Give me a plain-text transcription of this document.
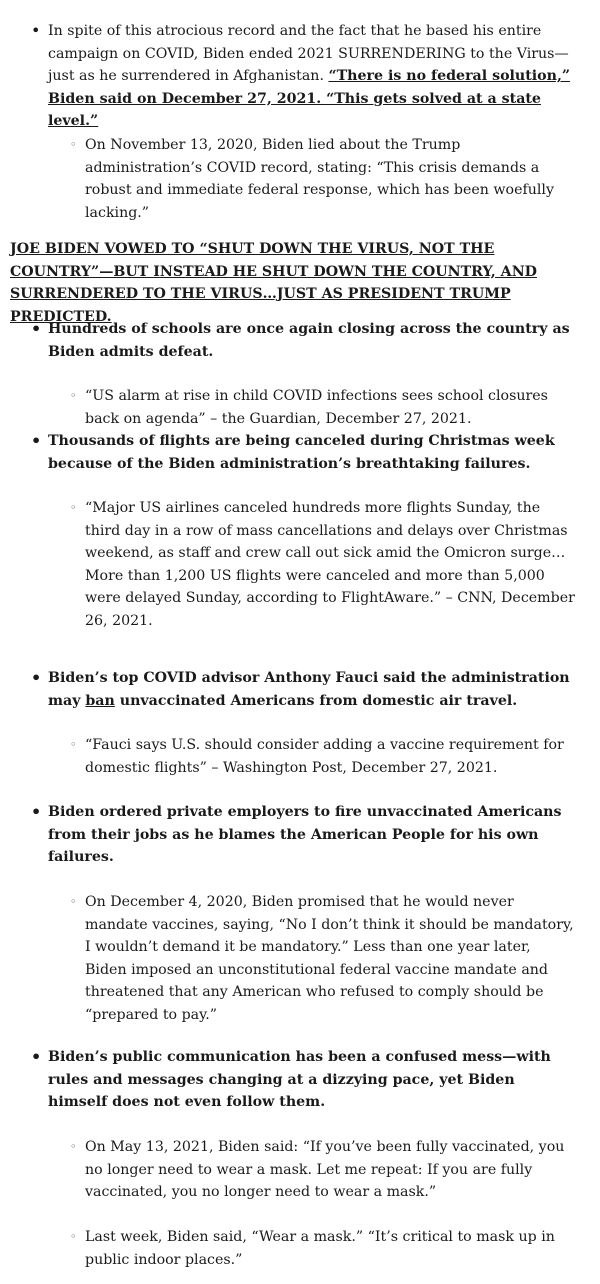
• In spite of this atrocious record and the fact that he based his entire campaign on COVID, Biden ended 2021 SURRENDERING to the Virus—just as he surrendered in Afghanistan. “There is no federal solution,” Biden said on December 27, 2021. “This gets solved at a state level.”
◦ On November 13, 2020, Biden lied about the Trump administration’s COVID record, stating: “This crisis demands a robust and immediate federal response, which has been woefully lacking.”
JOE BIDEN VOWED TO “SHUT DOWN THE VIRUS, NOT THE COUNTRY”—BUT INSTEAD HE SHUT DOWN THE COUNTRY, AND SURRENDERED TO THE VIRUS…JUST AS PRESIDENT TRUMP PREDICTED.
• Hundreds of schools are once again closing across the country as Biden admits defeat.
◦ “US alarm at rise in child COVID infections sees school closures back on agenda” – the Guardian, December 27, 2021.
• Thousands of flights are being canceled during Christmas week because of the Biden administration’s breathtaking failures.
◦ “Major US airlines canceled hundreds more flights Sunday, the third day in a row of mass cancellations and delays over Christmas weekend, as staff and crew call out sick amid the Omicron surge… More than 1,200 US flights were canceled and more than 5,000 were delayed Sunday, according to FlightAware.” – CNN, December 26, 2021.
• Biden’s top COVID advisor Anthony Fauci said the administration may ban unvaccinated Americans from domestic air travel.
◦ “Fauci says U.S. should consider adding a vaccine requirement for domestic flights” – Washington Post, December 27, 2021.
• Biden ordered private employers to fire unvaccinated Americans from their jobs as he blames the American People for his own failures.
◦ On December 4, 2020, Biden promised that he would never mandate vaccines, saying, “No I don’t think it should be mandatory, I wouldn’t demand it be mandatory.” Less than one year later, Biden imposed an unconstitutional federal vaccine mandate and threatened that any American who refused to comply should be “prepared to pay.”
• Biden’s public communication has been a confused mess—with rules and messages changing at a dizzying pace, yet Biden himself does not even follow them.
◦ On May 13, 2021, Biden said: “If you’ve been fully vaccinated, you no longer need to wear a mask. Let me repeat: If you are fully vaccinated, you no longer need to wear a mask.”
◦ Last week, Biden said, “Wear a mask.” “It’s critical to mask up in public indoor places.”
